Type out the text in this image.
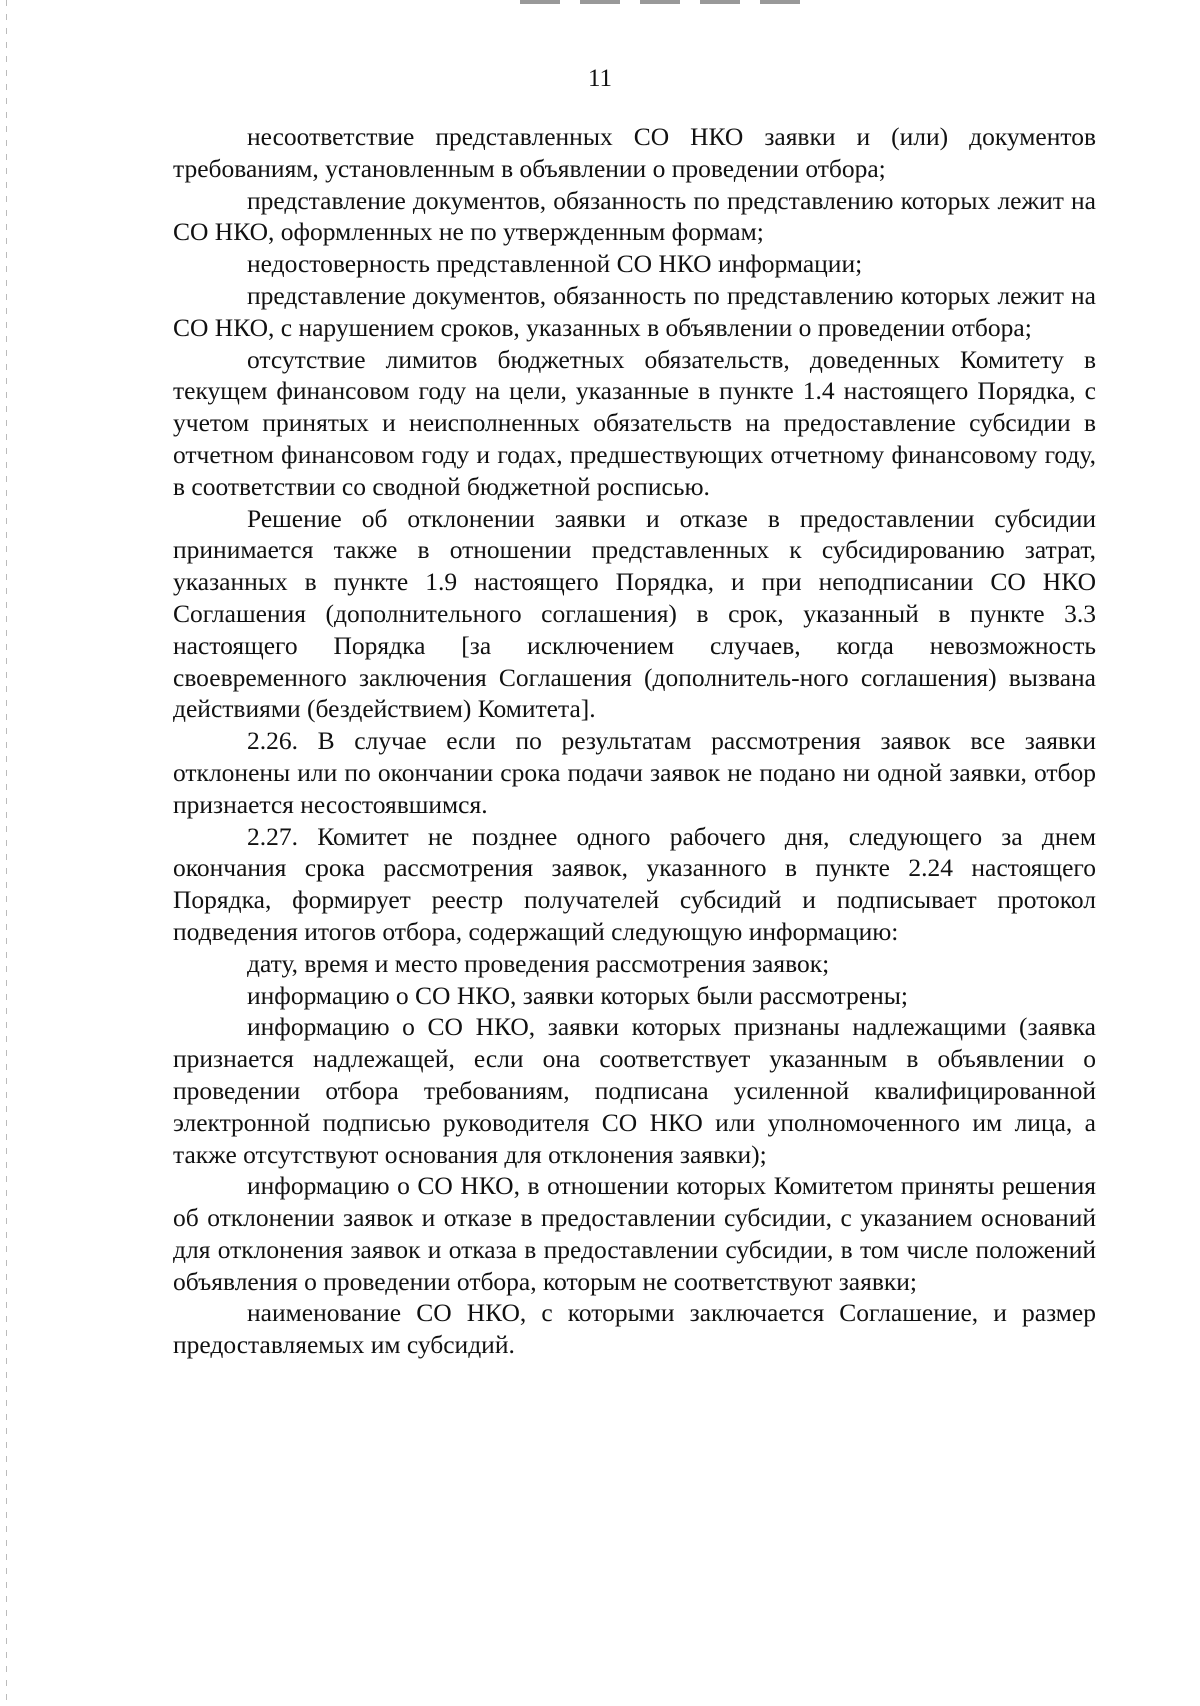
11

несоответствие представленных СО НКО заявки и (или) документов требованиям, установленным в объявлении о проведении отбора;

представление документов, обязанность по представлению которых лежит на СО НКО, оформленных не по утвержденным формам;

недостоверность представленной СО НКО информации;

представление документов, обязанность по представлению которых лежит на СО НКО, с нарушением сроков, указанных в объявлении о проведении отбора;

отсутствие лимитов бюджетных обязательств, доведенных Комитету в текущем финансовом году на цели, указанные в пункте 1.4 настоящего Порядка, с учетом принятых и неисполненных обязательств на предоставление субсидии в отчетном финансовом году и годах, предшествующих отчетному финансовому году, в соответствии со сводной бюджетной росписью.

Решение об отклонении заявки и отказе в предоставлении субсидии принимается также в отношении представленных к субсидированию затрат, указанных в пункте 1.9 настоящего Порядка, и при неподписании СО НКО Соглашения (дополнительного соглашения) в срок, указанный в пункте 3.3 настоящего Порядка [за исключением случаев, когда невозможность своевременного заключения Соглашения (дополнитель-ного соглашения) вызвана действиями (бездействием) Комитета].

2.26. В случае если по результатам рассмотрения заявок все заявки отклонены или по окончании срока подачи заявок не подано ни одной заявки, отбор признается несостоявшимся.

2.27. Комитет не позднее одного рабочего дня, следующего за днем окончания срока рассмотрения заявок, указанного в пункте 2.24 настоящего Порядка, формирует реестр получателей субсидий и подписывает протокол подведения итогов отбора, содержащий следующую информацию:

дату, время и место проведения рассмотрения заявок;

информацию о СО НКО, заявки которых были рассмотрены;

информацию о СО НКО, заявки которых признаны надлежащими (заявка признается надлежащей, если она соответствует указанным в объявлении о проведении отбора требованиям, подписана усиленной квалифицированной электронной подписью руководителя СО НКО или уполномоченного им лица, а также отсутствуют основания для отклонения заявки);

информацию о СО НКО, в отношении которых Комитетом приняты решения об отклонении заявок и отказе в предоставлении субсидии, с указанием оснований для отклонения заявок и отказа в предоставлении субсидии, в том числе положений объявления о проведении отбора, которым не соответствуют заявки;

наименование СО НКО, с которыми заключается Соглашение, и размер предоставляемых им субсидий.
